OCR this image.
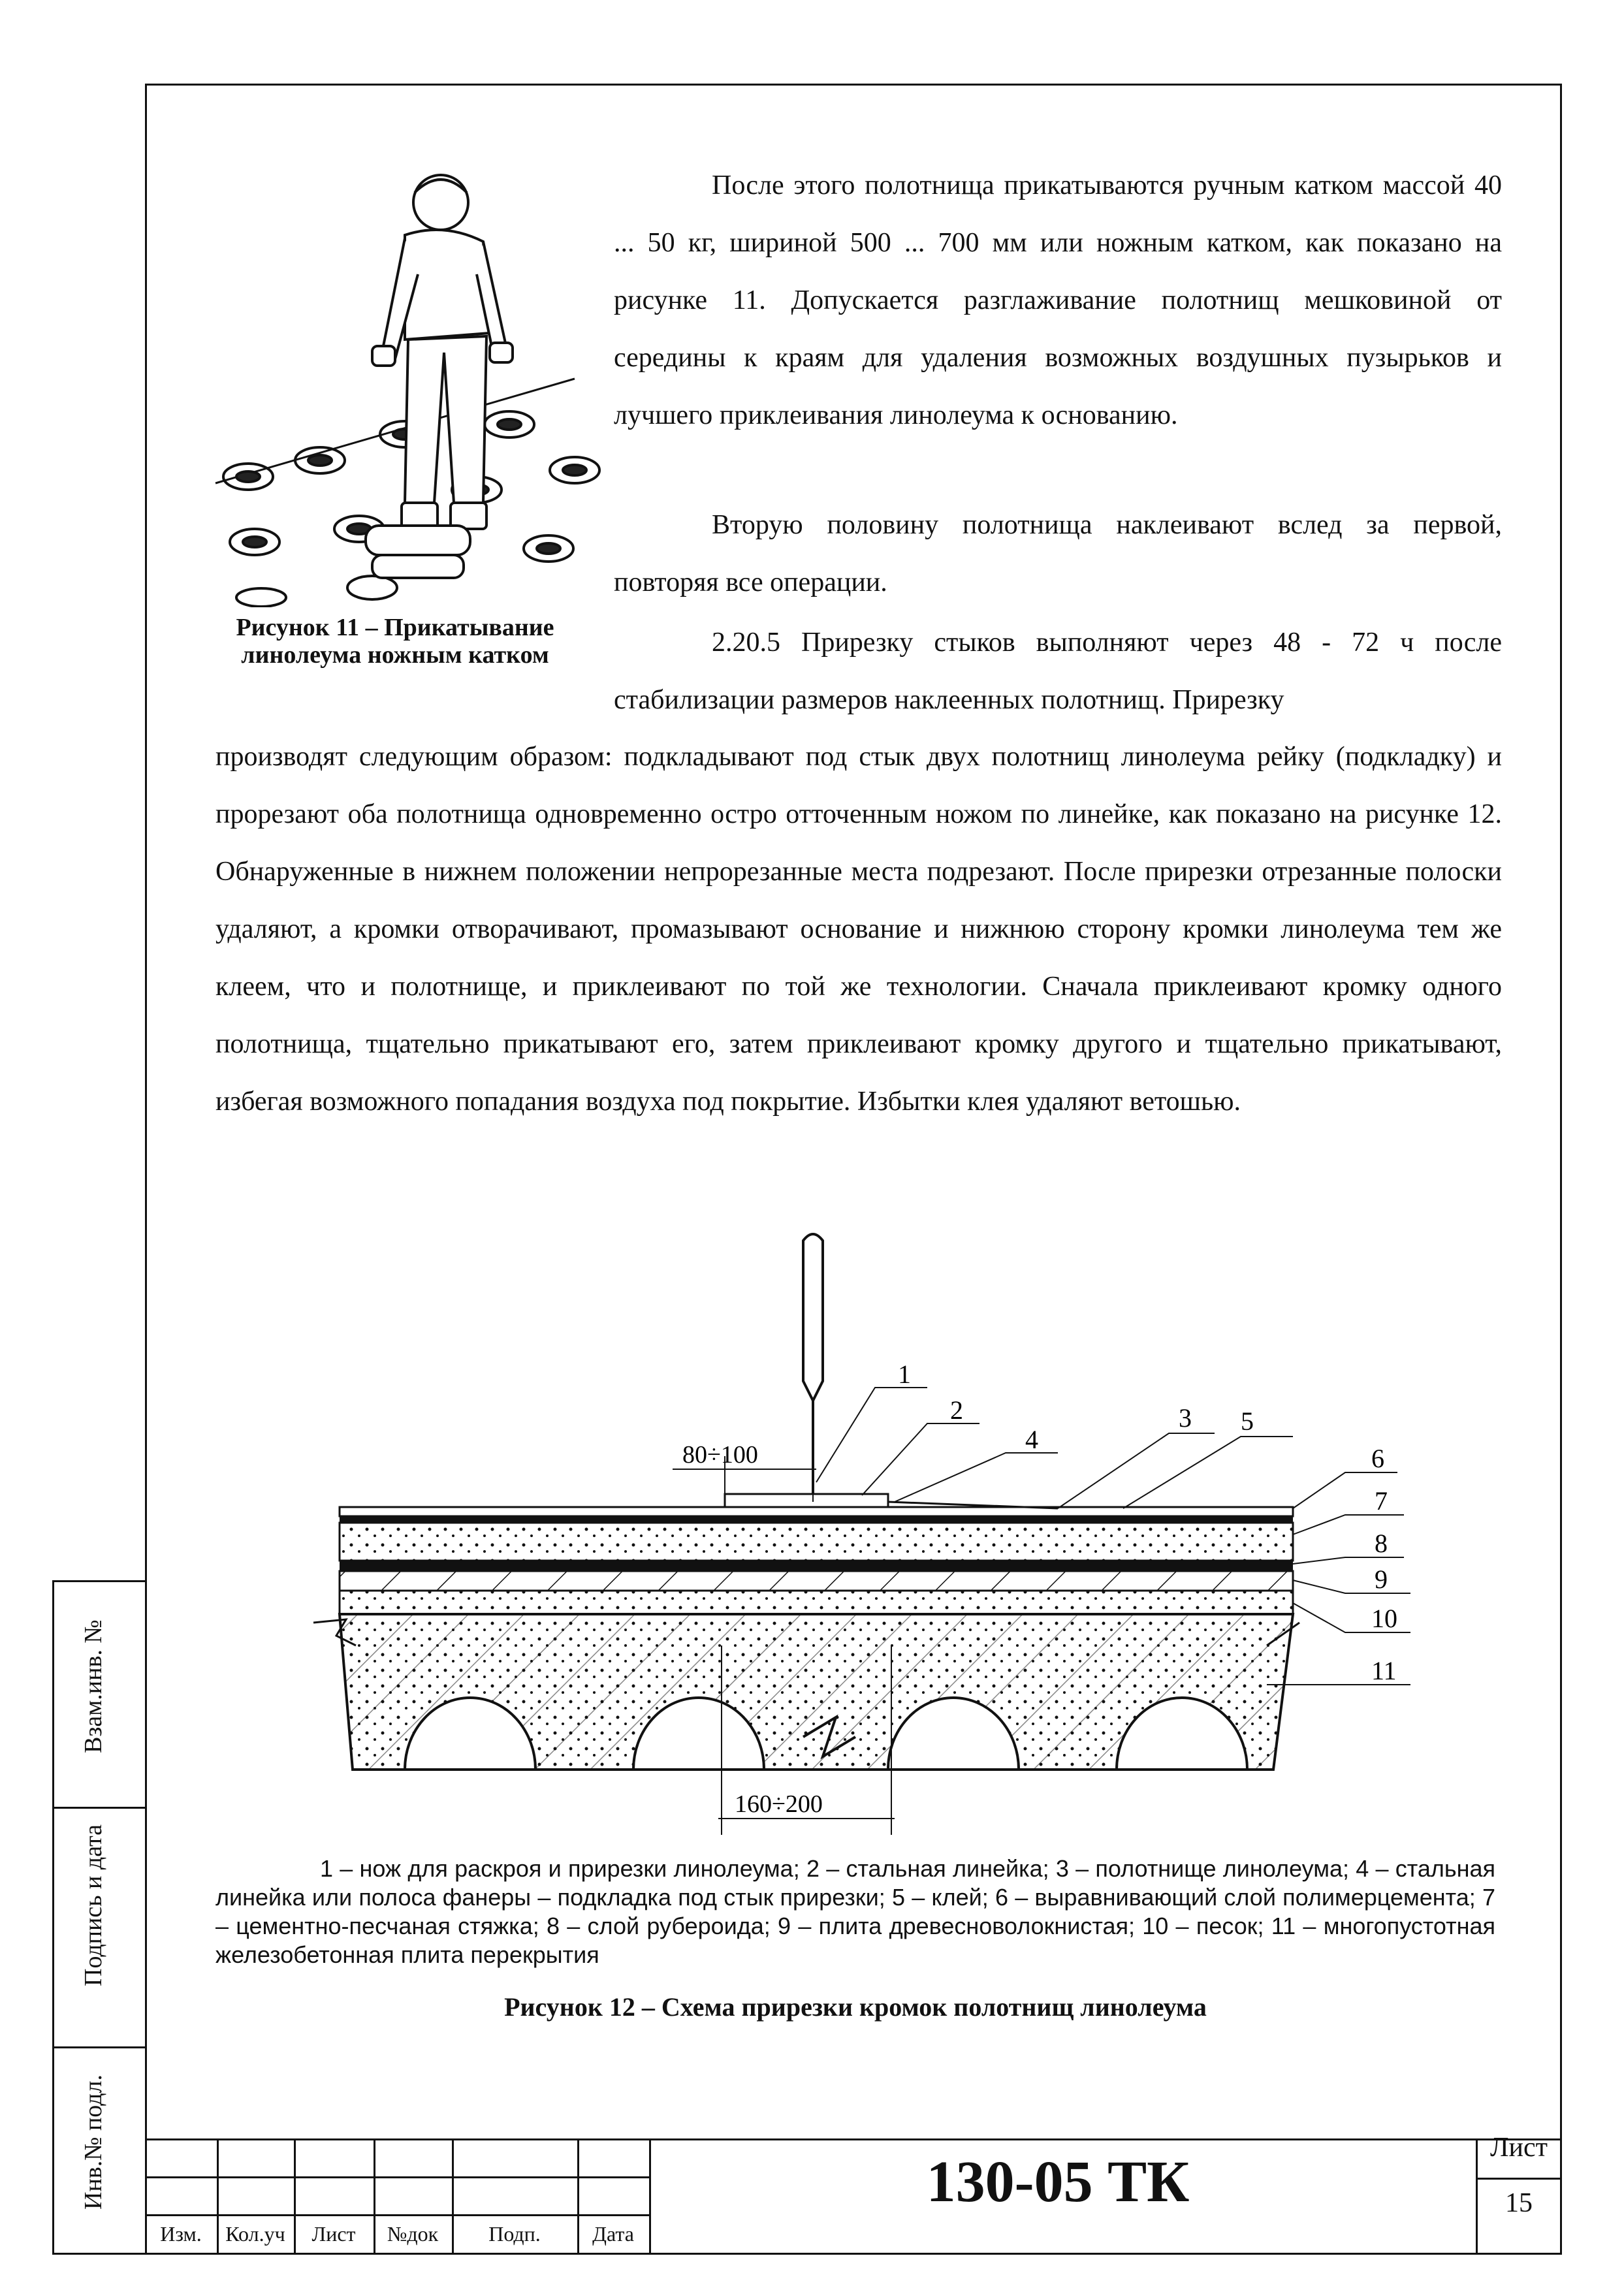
Взам.инв. №
Подпись и дата
Инв.№ подл.
Рисунок 11 – Прикатывание линолеума ножным катком
После этого полотнища прикатываются ручным катком массой 40 ... 50 кг, шириной 500 ... 700 мм или ножным катком, как показано на рисунке 11. Допускается разглаживание полотнищ мешковиной от середины к краям для удаления возможных воздушных пузырьков и лучшего приклеивания линолеума к основанию.
Вторую половину полотнища наклеивают вслед за первой, повторяя все операции.
2.20.5 Прирезку стыков выполняют через 48 - 72 ч после стабилизации размеров наклеенных полотнищ. Прирезку
производят следующим образом: подкладывают под стык двух полотнищ линолеума рейку (подкладку) и прорезают оба полотнища одновременно остро отточенным ножом по линейке, как показано на рисунке 12. Обнаруженные в нижнем положении непрорезанные места подрезают. После прирезки отрезанные полоски удаляют, а кромки отворачивают, промазывают основание и нижнюю сторону кромки линолеума тем же клеем, что и полотнище, и приклеивают по той же технологии. Сначала приклеивают кромку одного полотнища, тщательно прикатывают его, затем приклеивают кромку другого и тщательно прикатывают, избегая возможного попадания воздуха под покрытие. Избытки клея удаляют ветошью.
80÷100
160÷200
1
2
4
3 5
6
7
8
9
10
11
1 – нож для раскроя и прирезки линолеума; 2 – стальная линейка; 3 – полотнище линолеума; 4 – стальная линейка или полоса фанеры – подкладка под стык прирезки; 5 – клей; 6 – выравнивающий слой полимерцемента; 7 – цементно-песчаная стяжка; 8 – слой рубероида; 9 – плита древесноволокнистая; 10 – песок; 11 – многопустотная железобетонная плита перекрытия
Рисунок 12 – Схема прирезки кромок полотнищ линолеума
Изм.	Кол.уч	Лист	№док	Подп.	Дата
130-05 ТК
Лист
15
